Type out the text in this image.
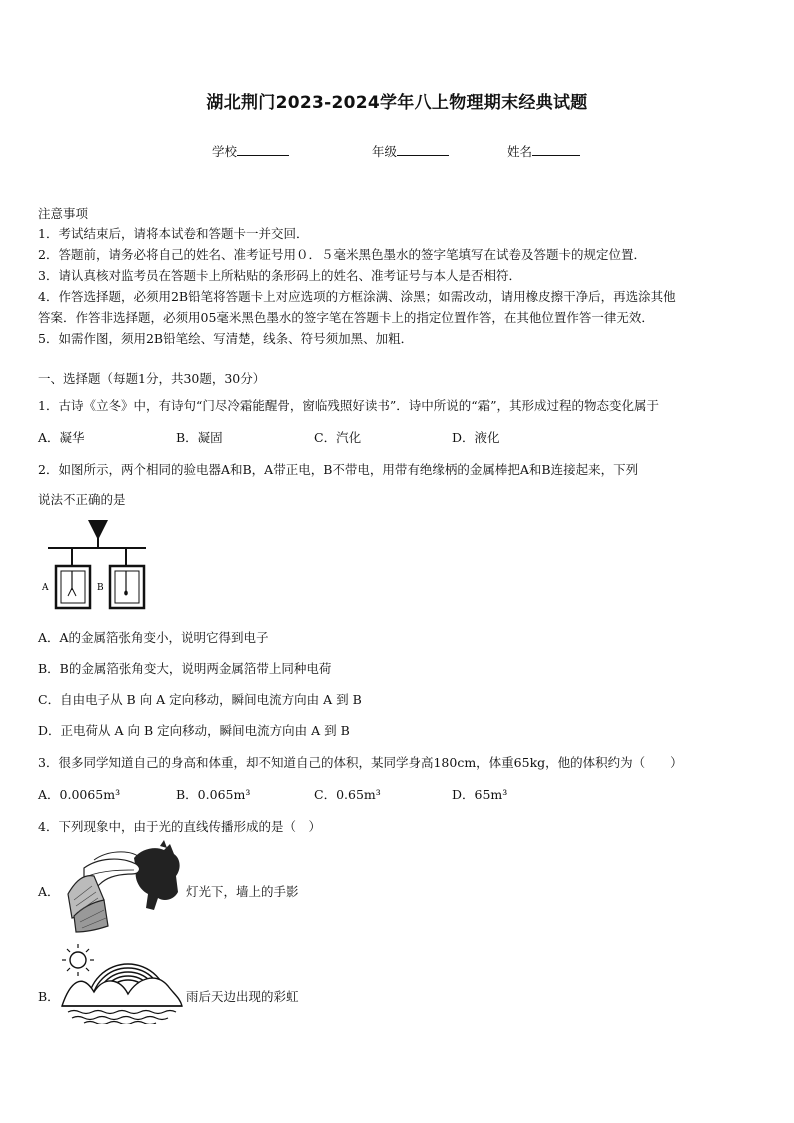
湖北荆门2023-2024学年八上物理期末经典试题
学校	年级	姓名
注意事项
1．考试结束后，请将本试卷和答题卡一并交回．
2．答题前，请务必将自己的姓名、准考证号用０．５毫米黑色墨水的签字笔填写在试卷及答题卡的规定位置．
3．请认真核对监考员在答题卡上所粘贴的条形码上的姓名、准考证号与本人是否相符．
4．作答选择题，必须用2B铅笔将答题卡上对应选项的方框涂满、涂黑；如需改动，请用橡皮擦干净后，再选涂其他
答案．作答非选择题，必须用05毫米黑色墨水的签字笔在答题卡上的指定位置作答，在其他位置作答一律无效．
5．如需作图，须用2B铅笔绘、写清楚，线条、符号须加黑、加粗．
一、选择题（每题1分，共30题，30分）
1．古诗《立冬》中，有诗句“门尽冷霜能醒骨，窗临残照好读书”．诗中所说的“霜”，其形成过程的物态变化属于
A．凝华	B．凝固	C．汽化	D．液化
2．如图所示，两个相同的验电器A和B，A带正电，B不带电，用带有绝缘柄的金属棒把A和B连接起来，下列
说法不正确的是
A	B
A．A的金属箔张角变小，说明它得到电子
B．B的金属箔张角变大，说明两金属箔带上同种电荷
C．自由电子从 B 向 A 定向移动，瞬间电流方向由 A 到 B
D．正电荷从 A 向 B 定向移动，瞬间电流方向由 A 到 B
3．很多同学知道自己的身高和体重，却不知道自己的体积，某同学身高180cm，体重65kg，他的体积约为（　　）
A．0.0065m³	B．0.065m³	C．0.65m³	D．65m³
4．下列现象中，由于光的直线传播形成的是（　）
A．	灯光下，墙上的手影
B．	雨后天边出现的彩虹
